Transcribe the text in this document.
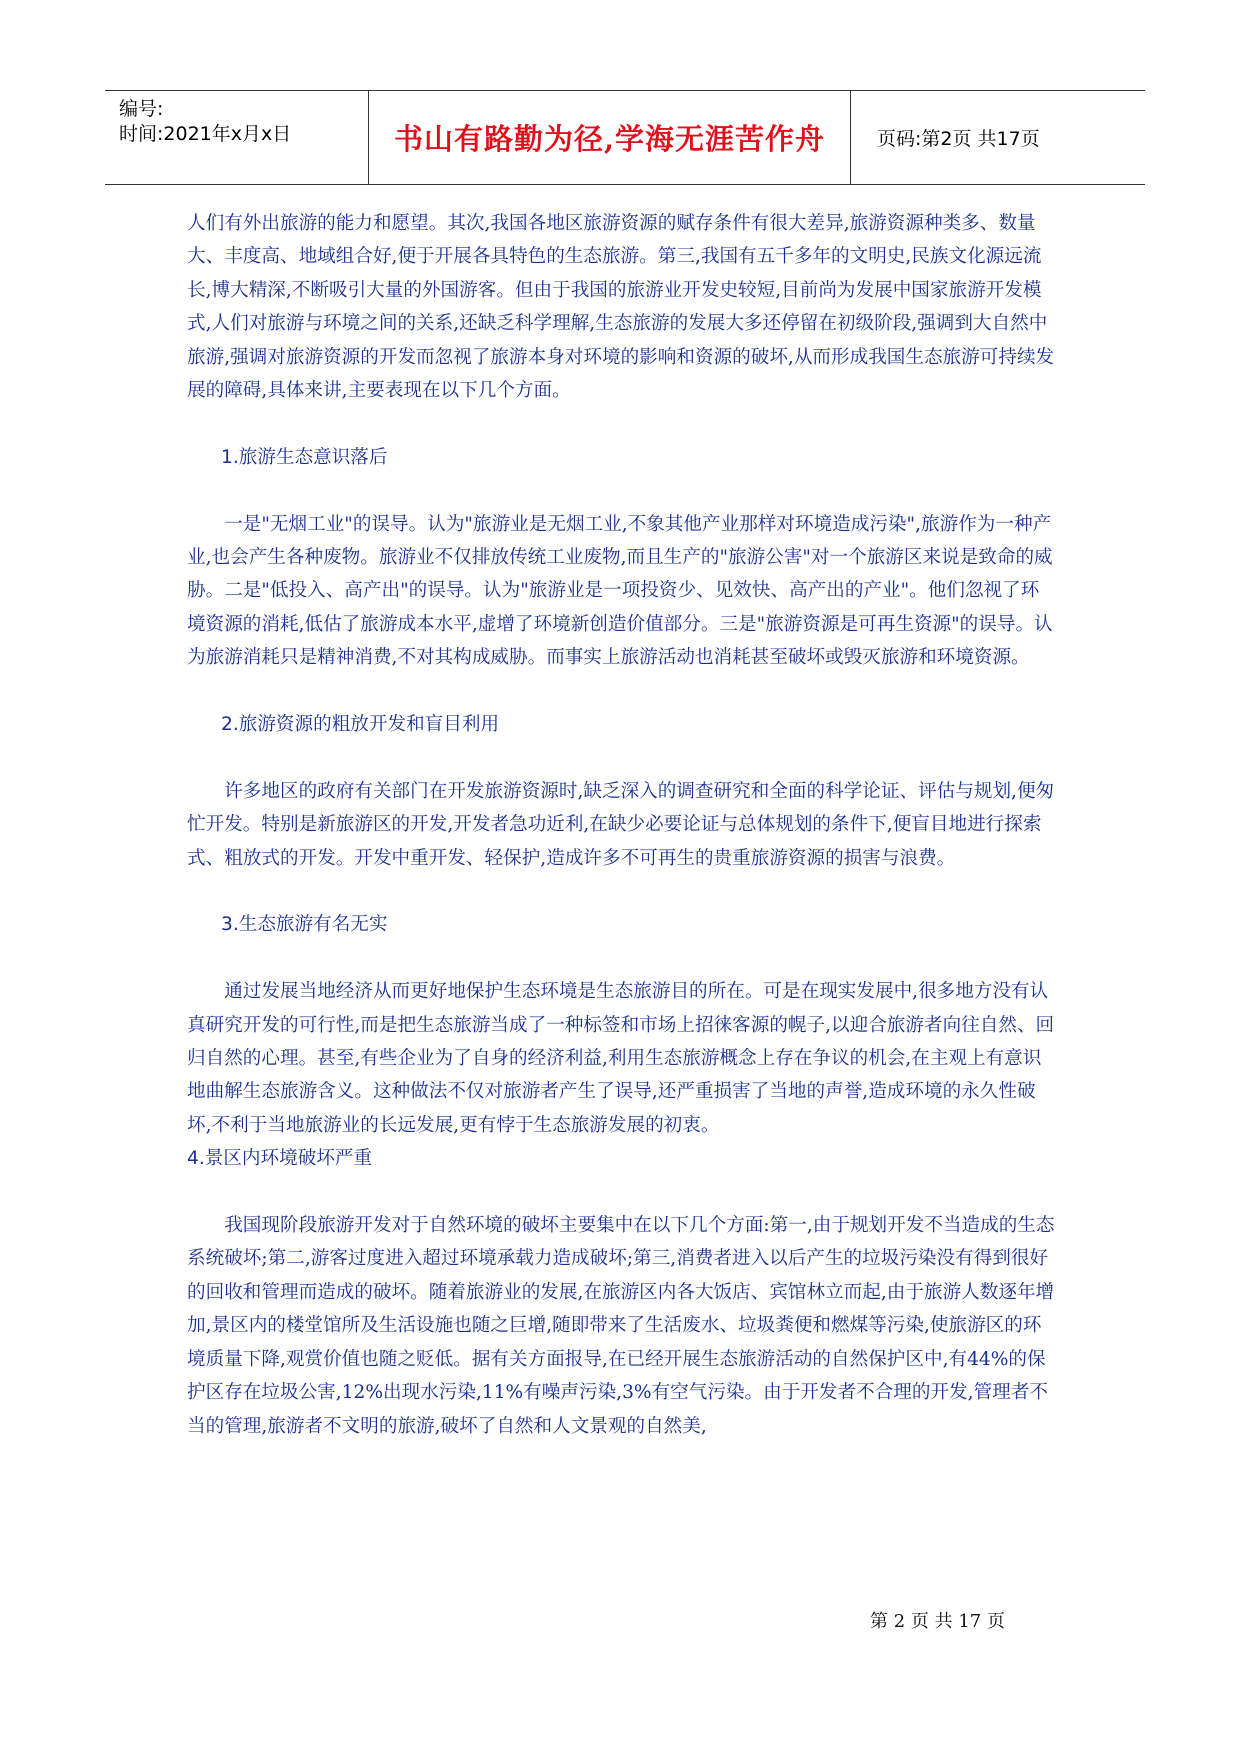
编号:
时间:2021年x月x日	书山有路勤为径,学海无涯苦作舟	页码:第2页 共17页

人们有外出旅游的能力和愿望。其次,我国各地区旅游资源的赋存条件有很大差异,旅游资源种类多、数量大、丰度高、地域组合好,便于开展各具特色的生态旅游。第三,我国有五千多年的文明史,民族文化源远流长,博大精深,不断吸引大量的外国游客。但由于我国的旅游业开发史较短,目前尚为发展中国家旅游开发模式,人们对旅游与环境之间的关系,还缺乏科学理解,生态旅游的发展大多还停留在初级阶段,强调到大自然中旅游,强调对旅游资源的开发而忽视了旅游本身对环境的影响和资源的破坏,从而形成我国生态旅游可持续发展的障碍,具体来讲,主要表现在以下几个方面。

1.旅游生态意识落后

一是"无烟工业"的误导。认为"旅游业是无烟工业,不象其他产业那样对环境造成污染",旅游作为一种产业,也会产生各种废物。旅游业不仅排放传统工业废物,而且生产的"旅游公害"对一个旅游区来说是致命的威胁。二是"低投入、高产出"的误导。认为"旅游业是一项投资少、见效快、高产出的产业"。他们忽视了环境资源的消耗,低估了旅游成本水平,虚增了环境新创造价值部分。三是"旅游资源是可再生资源"的误导。认为旅游消耗只是精神消费,不对其构成威胁。而事实上旅游活动也消耗甚至破坏或毁灭旅游和环境资源。

2.旅游资源的粗放开发和盲目利用

许多地区的政府有关部门在开发旅游资源时,缺乏深入的调查研究和全面的科学论证、评估与规划,便匆忙开发。特别是新旅游区的开发,开发者急功近利,在缺少必要论证与总体规划的条件下,便盲目地进行探索式、粗放式的开发。开发中重开发、轻保护,造成许多不可再生的贵重旅游资源的损害与浪费。

3.生态旅游有名无实

通过发展当地经济从而更好地保护生态环境是生态旅游目的所在。可是在现实发展中,很多地方没有认真研究开发的可行性,而是把生态旅游当成了一种标签和市场上招徕客源的幌子,以迎合旅游者向往自然、回归自然的心理。甚至,有些企业为了自身的经济利益,利用生态旅游概念上存在争议的机会,在主观上有意识地曲解生态旅游含义。这种做法不仅对旅游者产生了误导,还严重损害了当地的声誉,造成环境的永久性破坏,不利于当地旅游业的长远发展,更有悖于生态旅游发展的初衷。

4.景区内环境破坏严重

我国现阶段旅游开发对于自然环境的破坏主要集中在以下几个方面:第一,由于规划开发不当造成的生态系统破坏;第二,游客过度进入超过环境承载力造成破坏;第三,消费者进入以后产生的垃圾污染没有得到很好的回收和管理而造成的破坏。随着旅游业的发展,在旅游区内各大饭店、宾馆林立而起,由于旅游人数逐年增加,景区内的楼堂馆所及生活设施也随之巨增,随即带来了生活废水、垃圾粪便和燃煤等污染,使旅游区的环境质量下降,观赏价值也随之贬低。据有关方面报导,在已经开展生态旅游活动的自然保护区中,有44%的保护区存在垃圾公害,12%出现水污染,11%有噪声污染,3%有空气污染。由于开发者不合理的开发,管理者不当的管理,旅游者不文明的旅游,破坏了自然和人文景观的自然美,

第 2 页 共 17 页
